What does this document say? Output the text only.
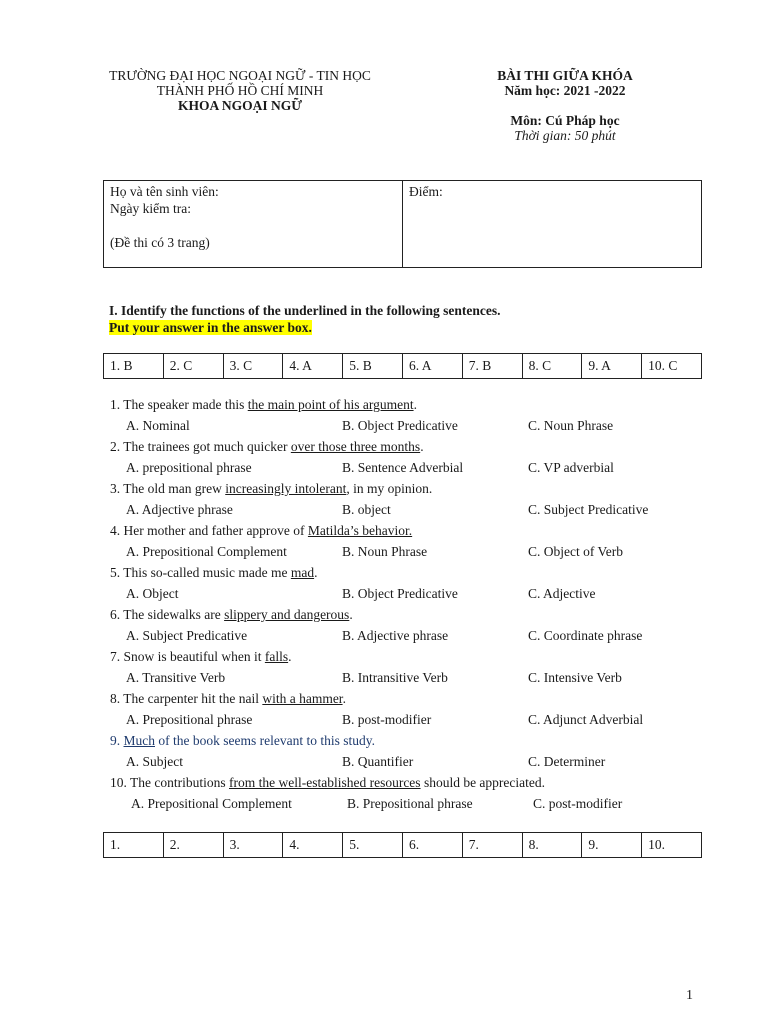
TRƯỜNG ĐẠI HỌC NGOẠI NGỮ - TIN HỌC
THÀNH PHỐ HỒ CHÍ MINH
KHOA NGOẠI NGỮ
BÀI THI GIỮA KHÓA
Năm học: 2021 -2022
Môn: Cú Pháp học
Thời gian: 50 phút
Họ và tên sinh viên:
Ngày kiểm tra:
(Đề thi có 3 trang)
Điểm:
I. Identify the functions of the underlined in the following sentences.
Put your answer in the answer box.
1. B	2. C	3. C	4. A	5. B	6. A	7. B	8. C	9. A	10. C
1. The speaker made this the main point of his argument.
A. Nominal	B. Object Predicative	C. Noun Phrase
2. The trainees got much quicker over those three months.
A. prepositional phrase	B. Sentence Adverbial	C. VP adverbial
3. The old man grew increasingly intolerant, in my opinion.
A. Adjective phrase	B. object	C. Subject Predicative
4. Her mother and father approve of Matilda’s behavior.
A. Prepositional Complement	B. Noun Phrase	C. Object of Verb
5. This so-called music made me mad.
A. Object	B. Object Predicative	C. Adjective
6. The sidewalks are slippery and dangerous.
A. Subject Predicative	B. Adjective phrase	C. Coordinate phrase
7. Snow is beautiful when it falls.
A. Transitive Verb	B. Intransitive Verb	C. Intensive Verb
8. The carpenter hit the nail with a hammer.
A. Prepositional phrase	B. post-modifier	C. Adjunct Adverbial
9. Much of the book seems relevant to this study.
A. Subject	B. Quantifier	C. Determiner
10. The contributions from the well-established resources should be appreciated.
A. Prepositional Complement	B. Prepositional phrase	C. post-modifier
1.	2.	3.	4.	5.	6.	7.	8.	9.	10.
1
